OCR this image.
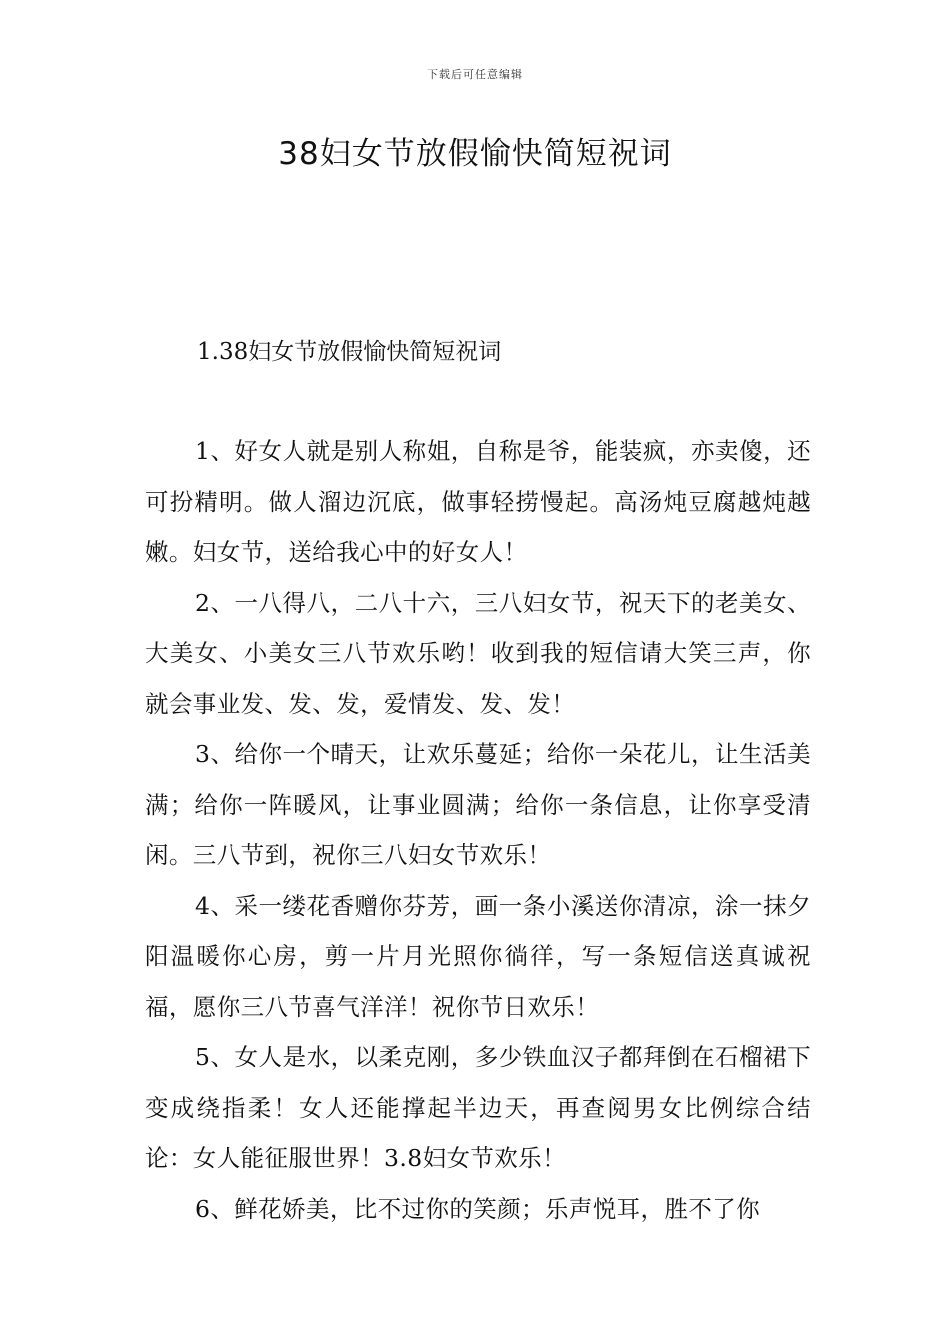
下载后可任意编辑
38妇女节放假愉快简短祝词
1.38妇女节放假愉快简短祝词

1、好女人就是别人称姐，自称是爷，能装疯，亦卖傻，还可扮精明。做人溜边沉底，做事轻捞慢起。高汤炖豆腐越炖越嫩。妇女节，送给我心中的好女人！

2、一八得八，二八十六，三八妇女节，祝天下的老美女、大美女、小美女三八节欢乐哟！收到我的短信请大笑三声，你就会事业发、发、发，爱情发、发、发！

3、给你一个晴天，让欢乐蔓延；给你一朵花儿，让生活美满；给你一阵暖风，让事业圆满；给你一条信息，让你享受清闲。三八节到，祝你三八妇女节欢乐！

4、采一缕花香赠你芬芳，画一条小溪送你清凉，涂一抹夕阳温暖你心房，剪一片月光照你徜徉，写一条短信送真诚祝福，愿你三八节喜气洋洋！祝你节日欢乐！

5、女人是水，以柔克刚，多少铁血汉子都拜倒在石榴裙下变成绕指柔！女人还能撑起半边天，再查阅男女比例综合结论：女人能征服世界！3.8妇女节欢乐！

6、鲜花娇美，比不过你的笑颜；乐声悦耳，胜不了你
